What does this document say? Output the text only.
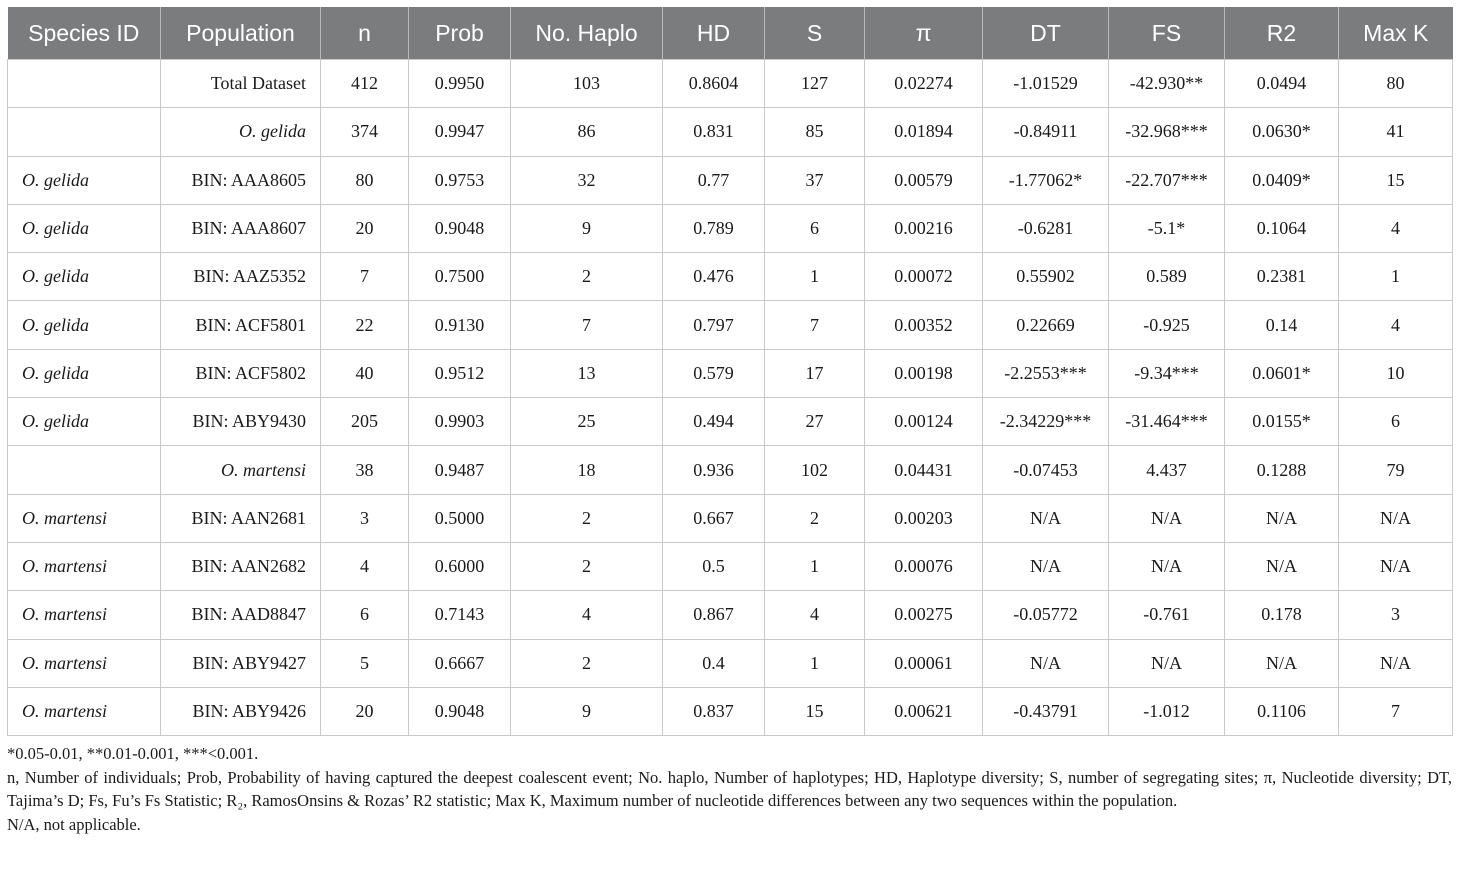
Species ID	Population	n	Prob	No. Haplo	HD	S	π	DT	FS	R2	Max K
	Total Dataset	412	0.9950	103	0.8604	127	0.02274	-1.01529	-42.930**	0.0494	80
	O. gelida	374	0.9947	86	0.831	85	0.01894	-0.84911	-32.968***	0.0630*	41
O. gelida	BIN: AAA8605	80	0.9753	32	0.77	37	0.00579	-1.77062*	-22.707***	0.0409*	15
O. gelida	BIN: AAA8607	20	0.9048	9	0.789	6	0.00216	-0.6281	-5.1*	0.1064	4
O. gelida	BIN: AAZ5352	7	0.7500	2	0.476	1	0.00072	0.55902	0.589	0.2381	1
O. gelida	BIN: ACF5801	22	0.9130	7	0.797	7	0.00352	0.22669	-0.925	0.14	4
O. gelida	BIN: ACF5802	40	0.9512	13	0.579	17	0.00198	-2.2553***	-9.34***	0.0601*	10
O. gelida	BIN: ABY9430	205	0.9903	25	0.494	27	0.00124	-2.34229***	-31.464***	0.0155*	6
	O. martensi	38	0.9487	18	0.936	102	0.04431	-0.07453	4.437	0.1288	79
O. martensi	BIN: AAN2681	3	0.5000	2	0.667	2	0.00203	N/A	N/A	N/A	N/A
O. martensi	BIN: AAN2682	4	0.6000	2	0.5	1	0.00076	N/A	N/A	N/A	N/A
O. martensi	BIN: AAD8847	6	0.7143	4	0.867	4	0.00275	-0.05772	-0.761	0.178	3
O. martensi	BIN: ABY9427	5	0.6667	2	0.4	1	0.00061	N/A	N/A	N/A	N/A
O. martensi	BIN: ABY9426	20	0.9048	9	0.837	15	0.00621	-0.43791	-1.012	0.1106	7

*0.05-0.01, **0.01-0.001, ***<0.001.

n, Number of individuals; Prob, Probability of having captured the deepest coalescent event; No. haplo, Number of haplotypes; HD, Haplotype diversity; S, number of segregating sites; π, Nucleotide diversity; DT, Tajima’s D; Fs, Fu’s Fs Statistic; R₂, RamosOnsins & Rozas’ R2 statistic; Max K, Maximum number of nucleotide differences between any two sequences within the population.

N/A, not applicable.
